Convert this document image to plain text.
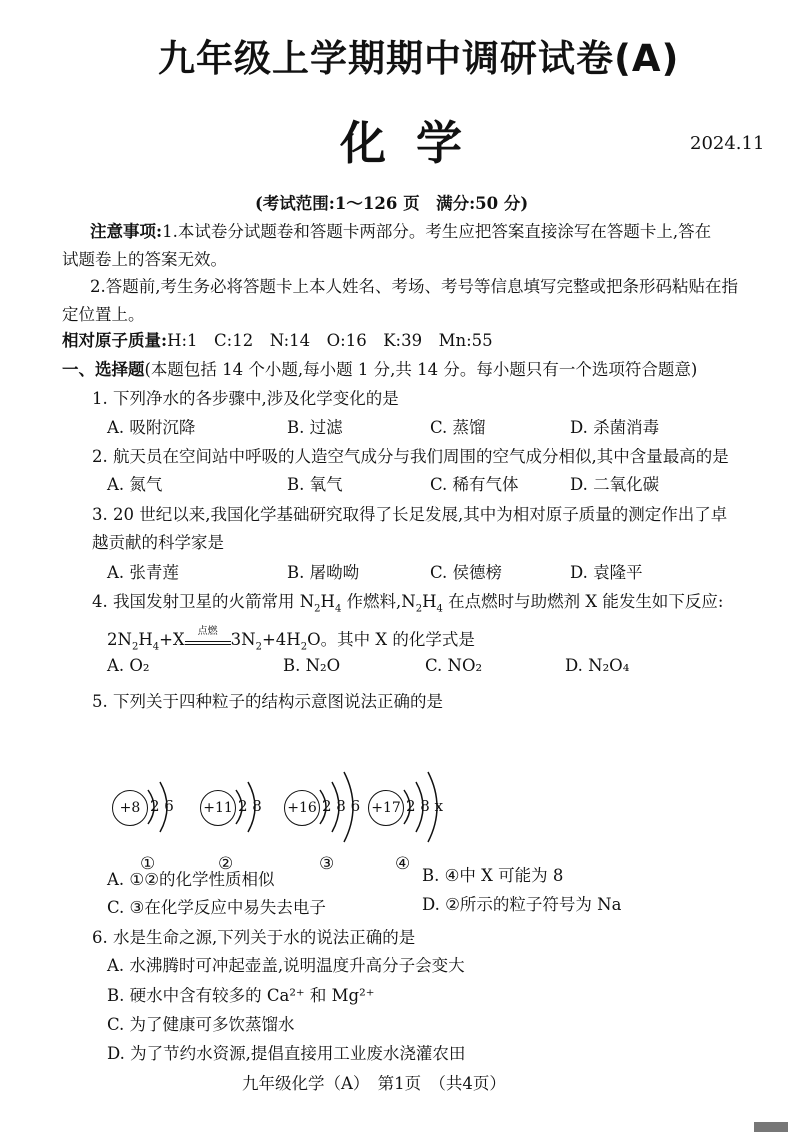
九年级上学期期中调研试卷(A)
化学	2024.11
(考试范围:1～126 页　满分:50 分)
注意事项:1.本试卷分试题卷和答题卡两部分。考生应把答案直接涂写在答题卡上,答在
试题卷上的答案无效。
2.答题前,考生务必将答题卡上本人姓名、考场、考号等信息填写完整或把条形码粘贴在指
定位置上。
相对原子质量:H:1　C:12　N:14　O:16　K:39　Mn:55
一、选择题(本题包括 14 个小题,每小题 1 分,共 14 分。每小题只有一个选项符合题意)
1. 下列净水的各步骤中,涉及化学变化的是
A. 吸附沉降	B. 过滤	C. 蒸馏	D. 杀菌消毒
2. 航天员在空间站中呼吸的人造空气成分与我们周围的空气成分相似,其中含量最高的是
A. 氮气	B. 氧气	C. 稀有气体	D. 二氧化碳
3. 20 世纪以来,我国化学基础研究取得了长足发展,其中为相对原子质量的测定作出了卓
越贡献的科学家是
A. 张青莲	B. 屠呦呦	C. 侯德榜	D. 袁隆平
4. 我国发射卫星的火箭常用 $N_2H_4$ 作燃料$,N_2H_4$ 在点燃时与助燃剂 X 能发生如下反应:
$2N_2H_4+X$	点燃 $3N_2+4H_2O$。其中 X 的化学式是
A. O₂	B. N₂O	C. NO₂	D. N₂O₄
5. 下列关于四种粒子的结构示意图说法正确的是
+8 2 6
①
+11 2 8
②
+16 2 8 6
③
+17 2 8 x
④
A. ①②的化学性质相似	B. ④中 X 可能为 8
C. ③在化学反应中易失去电子	D. ②所示的粒子符号为 Na
6. 水是生命之源,下列关于水的说法正确的是
A. 水沸腾时可冲起壶盖,说明温度升高分子会变大
B. 硬水中含有较多的 Ca²⁺ 和 Mg²⁺
C. 为了健康可多饮蒸馏水
D. 为了节约水资源,提倡直接用工业废水浇灌农田
九年级化学（A）　第1页　（共4页）
